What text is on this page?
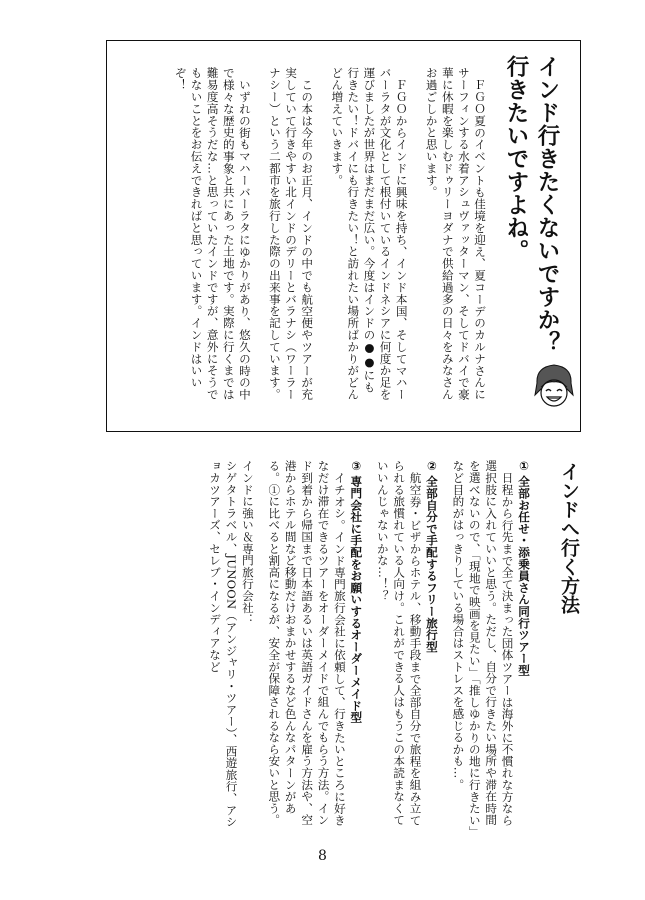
インド行きたくないですか？行きたいですよね。

ＦＧＯ夏のイベントも佳境を迎え、夏コーデのカルナさんにサーフィンする水着アシュヴァッターマン、そしてドバイで豪華に休暇を楽しむドゥリーヨダナで供給過多の日々をみなさんお過ごしかと思います。

ＦＧＯからインドに興味を持ち、インド本国、そしてマハーバーラタが文化として根付いているインドネシアに何度か足を運びましたが世界はまだまだ広い。今度はインドの●●にも行きたい！ドバイにも行きたい！と訪れたい場所ばかりがどんどん増えていきます。

この本は今年のお正月、インドの中でも航空便やツアーが充実していて行きやすい北インドのデリーとバラナシ（ワーラーナシー）という二都市を旅行した際の出来事を記しています。

いずれの街もマハーバーラタにゆかりがあり、悠久の時の中で様々な歴史的事象と共にあった土地です。実際に行くまでは難易度高そうだな…と思っていたインドですが、意外にそうでもないことをお伝えできればと思っています。インドはいいぞ！

インドへ行く方法
① 全部お任せ・添乗員さん同行ツアー型
日程から行先まで全て決まった団体ツアーは海外に不慣れな方なら選択肢に入れていいと思う。ただし、自分で行きたい場所や滞在時間を選べないので、「現地で映画を見たい」「推しゆかりの地に行きたい」など目的がはっきりしている場合はストレスを感じるかも…。
② 全部自分で手配するフリー旅行型
航空券・ビザからホテル、移動手段まで全部自分で旅程を組み立てられる旅慣れている人向け。これができる人はもうこの本読まなくていいんじゃないかな…！？
③ 専門会社に手配をお願いするオーダーメイド型
イチオシ。インド専門旅行会社に依頼して、行きたいところに好きなだけ滞在できるツアーをオーダーメイドで組んでもらう方法。インド到着から帰国まで日本語あるいは英語ガイドさんを雇う方法や、空港からホテル間など移動だけおまかせするなど色んなパターンがある。①に比べると割高になるが、安全が保障されるなら安いと思う。
インドに強い＆専門旅行会社：
シゲタトラベル、JUNOON（アンジャリ・ツアー）、西遊旅行、アショカツアーズ、セレブ・インディアなど

8
